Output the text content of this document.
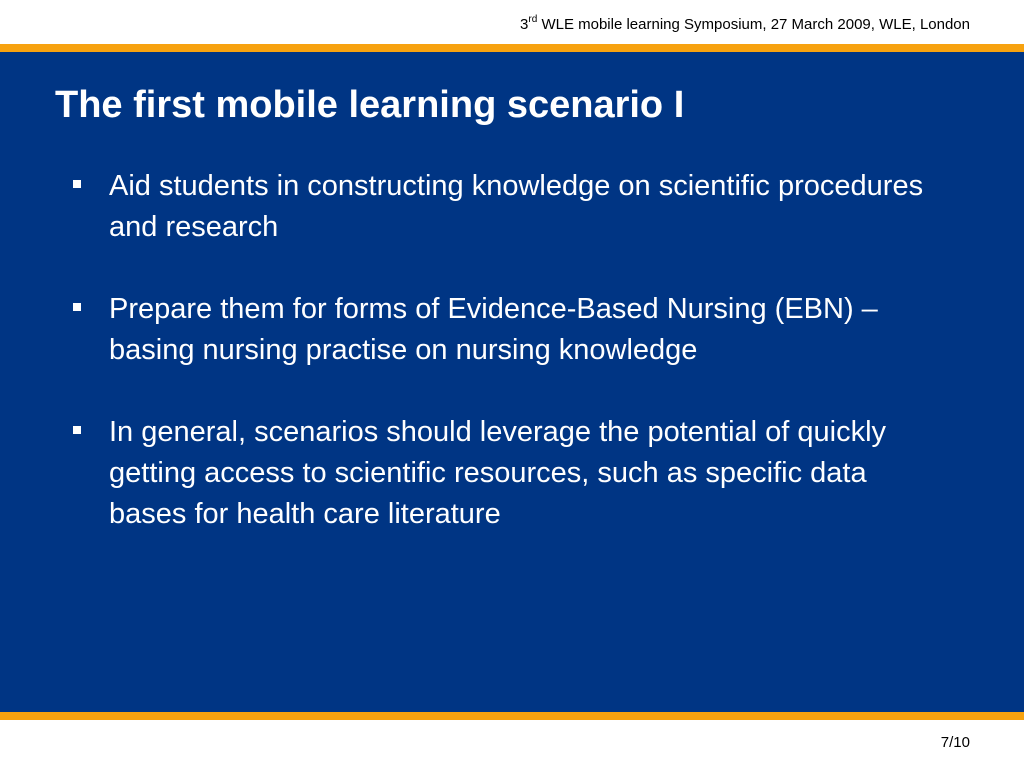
3rd WLE mobile learning Symposium, 27 March 2009, WLE, London
The first mobile learning scenario I
Aid students in constructing knowledge on scientific procedures and research
Prepare them for forms of Evidence-Based Nursing (EBN) – basing nursing practise on nursing knowledge
In general, scenarios should leverage the potential of quickly getting access to scientific resources, such as specific data bases for health care literature
7/10
